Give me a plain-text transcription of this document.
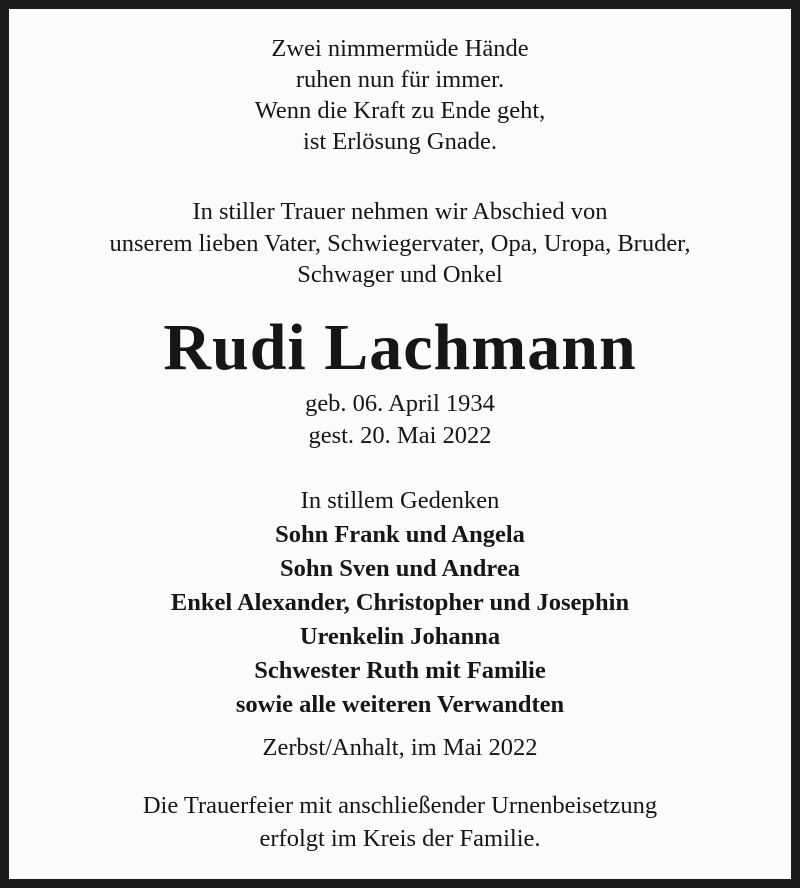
Zwei nimmermüde Hände
ruhen nun für immer.
Wenn die Kraft zu Ende geht,
ist Erlösung Gnade.
In stiller Trauer nehmen wir Abschied von
unserem lieben Vater, Schwiegervater, Opa, Uropa, Bruder,
Schwager und Onkel
Rudi Lachmann
geb. 06. April 1934
gest. 20. Mai 2022
In stillem Gedenken
Sohn Frank und Angela
Sohn Sven und Andrea
Enkel Alexander, Christopher und Josephin
Urenkelin Johanna
Schwester Ruth mit Familie
sowie alle weiteren Verwandten
Zerbst/Anhalt, im Mai 2022
Die Trauerfeier mit anschließender Urnenbeisetzung
erfolgt im Kreis der Familie.
